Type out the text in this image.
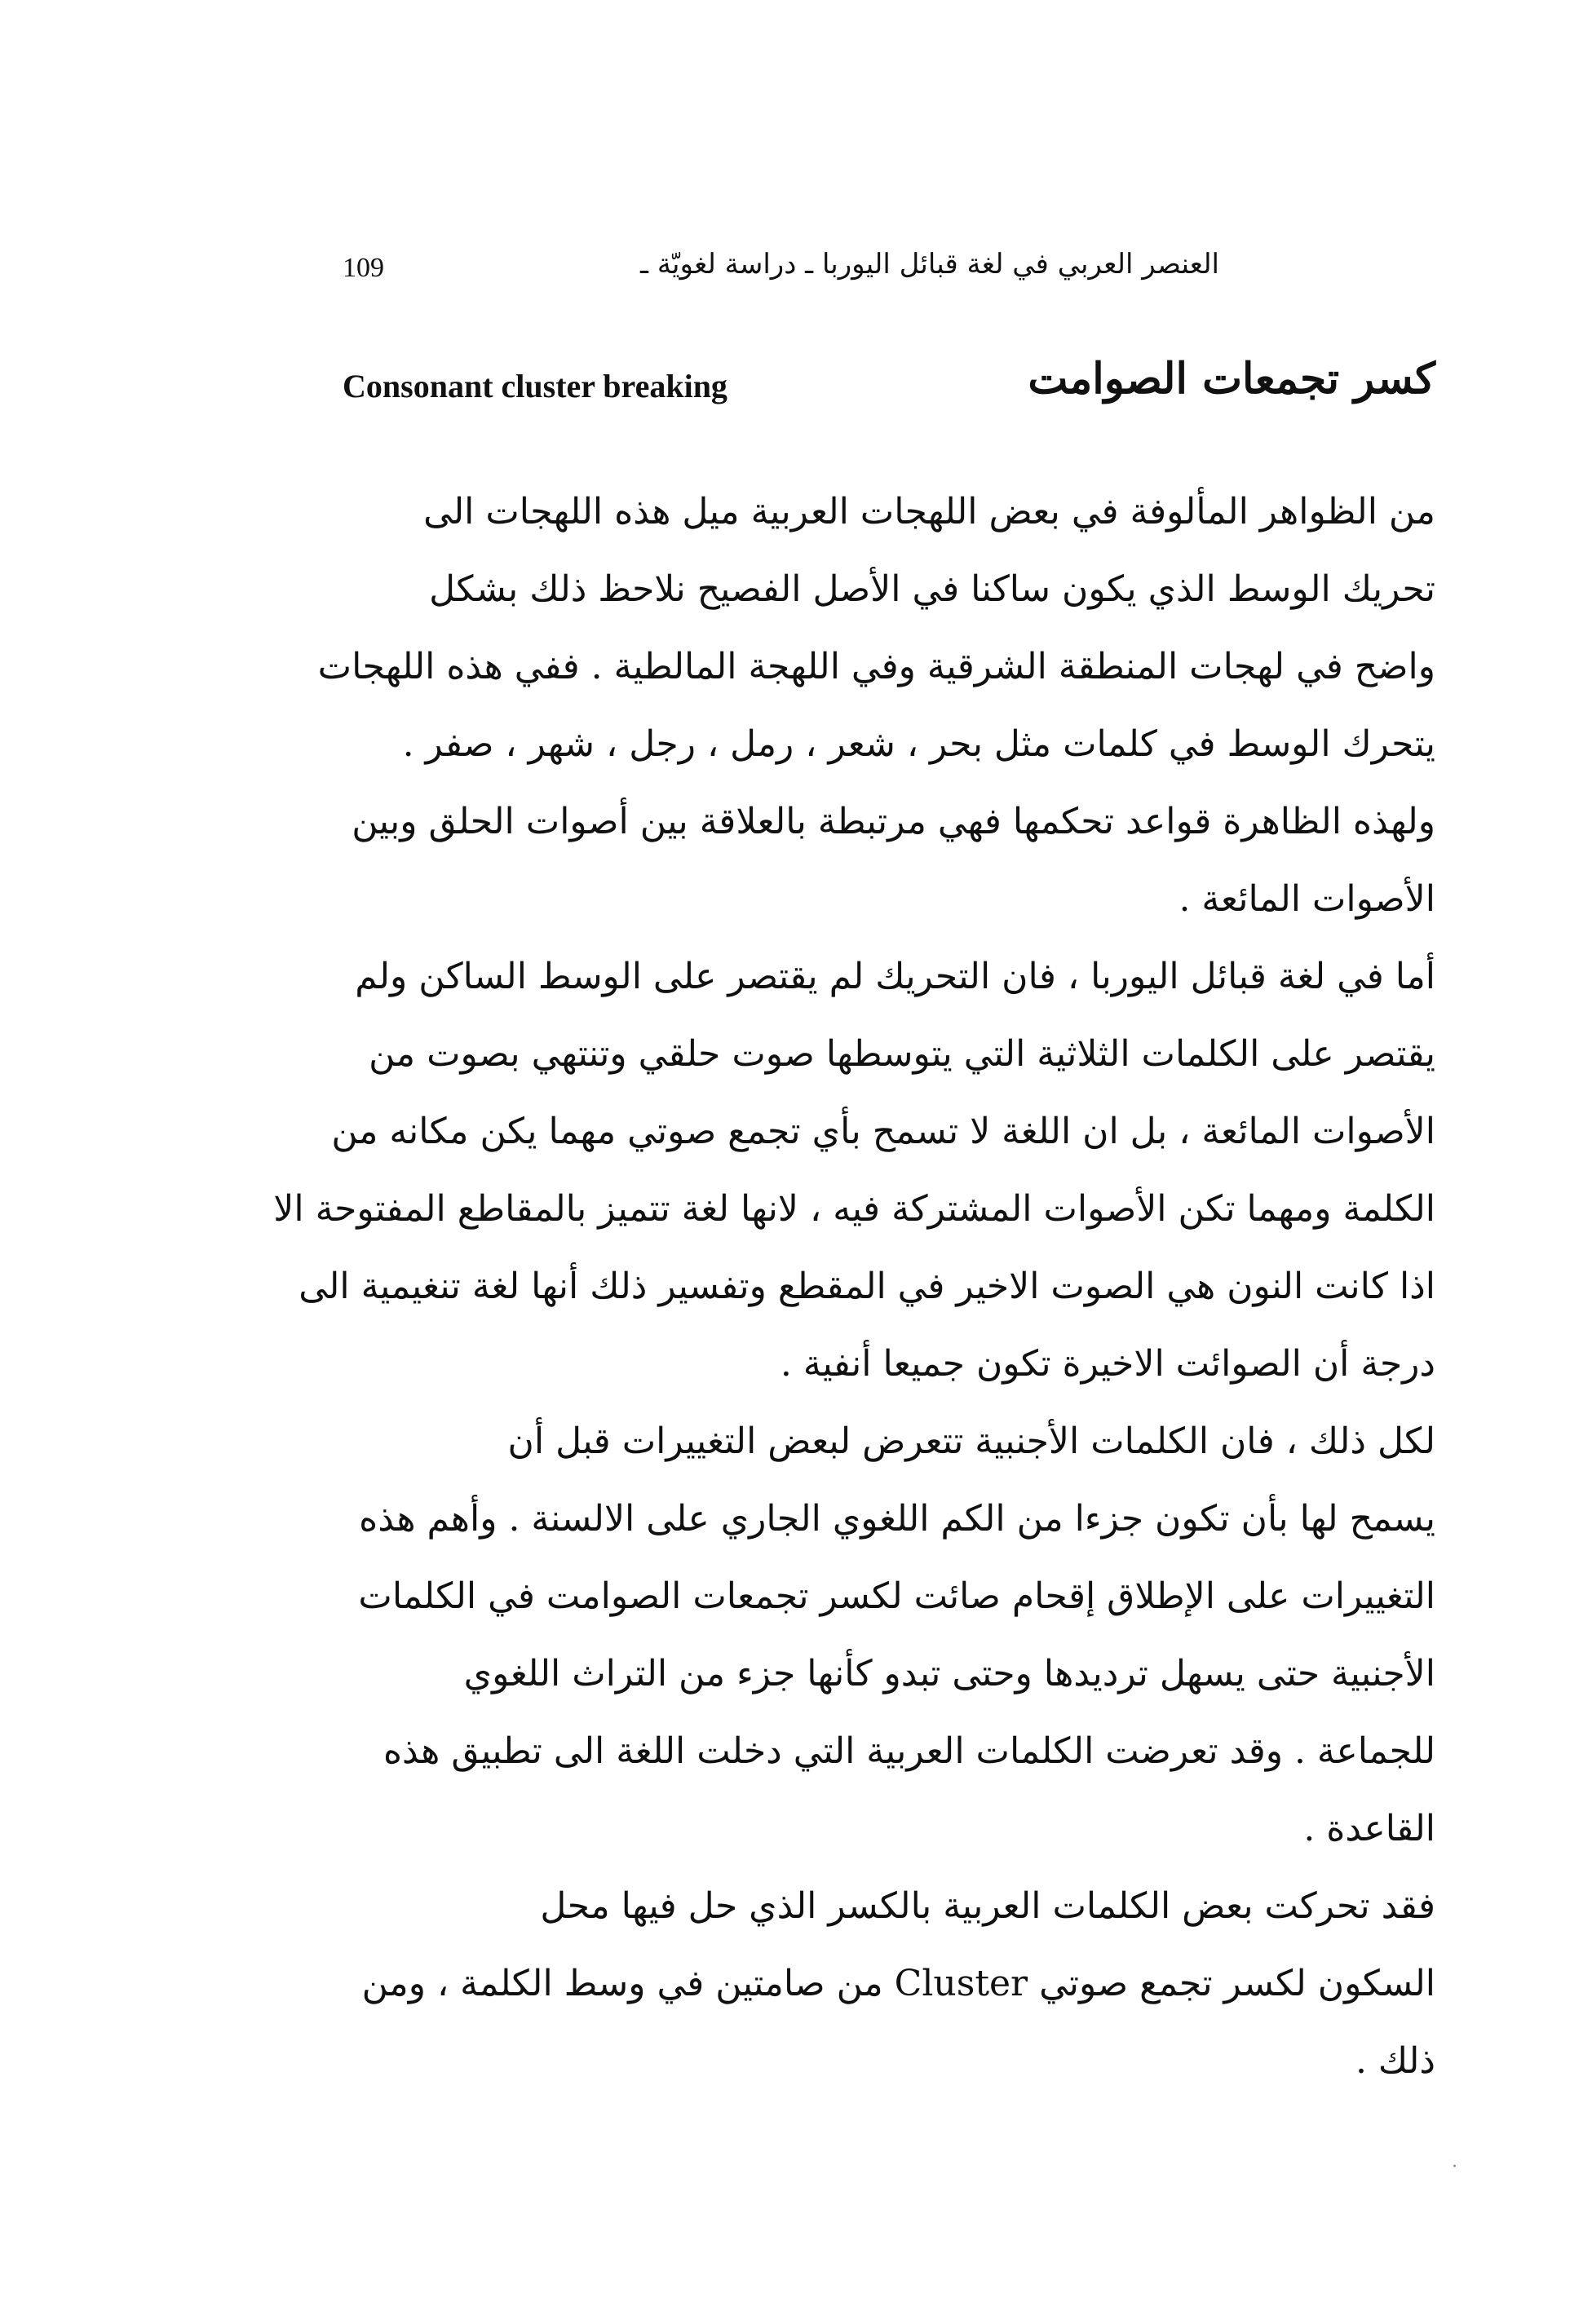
109	العنصر العربي في لغة قبائل اليوربا ـ دراسة لغويّة ـ
Consonant cluster breaking	كسر تجمعات الصوامت

من الظواهر المألوفة في بعض اللهجات العربية ميل هذه اللهجات الى
تحريك الوسط الذي يكون ساكنا في الأصل الفصيح نلاحظ ذلك بشكل
واضح في لهجات المنطقة الشرقية وفي اللهجة المالطية . ففي هذه اللهجات
يتحرك الوسط في كلمات مثل بحر ، شعر ، رمل ، رجل ، شهر ، صفر .
ولهذه الظاهرة قواعد تحكمها فهي مرتبطة بالعلاقة بين أصوات الحلق وبين
الأصوات المائعة .

أما في لغة قبائل اليوربا ، فان التحريك لم يقتصر على الوسط الساكن ولم
يقتصر على الكلمات الثلاثية التي يتوسطها صوت حلقي وتنتهي بصوت من
الأصوات المائعة ، بل ان اللغة لا تسمح بأي تجمع صوتي مهما يكن مكانه من
الكلمة ومهما تكن الأصوات المشتركة فيه ، لانها لغة تتميز بالمقاطع المفتوحة الا
اذا كانت النون هي الصوت الاخير في المقطع وتفسير ذلك أنها لغة تنغيمية الى
درجة أن الصوائت الاخيرة تكون جميعا أنفية .

لكل ذلك ، فان الكلمات الأجنبية تتعرض لبعض التغييرات قبل أن
يسمح لها بأن تكون جزءا من الكم اللغوي الجاري على الالسنة . وأهم هذه
التغييرات على الإطلاق إقحام صائت لكسر تجمعات الصوامت في الكلمات
الأجنبية حتى يسهل ترديدها وحتى تبدو كأنها جزء من التراث اللغوي
للجماعة . وقد تعرضت الكلمات العربية التي دخلت اللغة الى تطبيق هذه
القاعدة .

فقد تحركت بعض الكلمات العربية بالكسر الذي حل فيها محل
السكون لكسر تجمع صوتي Cluster من صامتين في وسط الكلمة ، ومن
ذلك .

·
